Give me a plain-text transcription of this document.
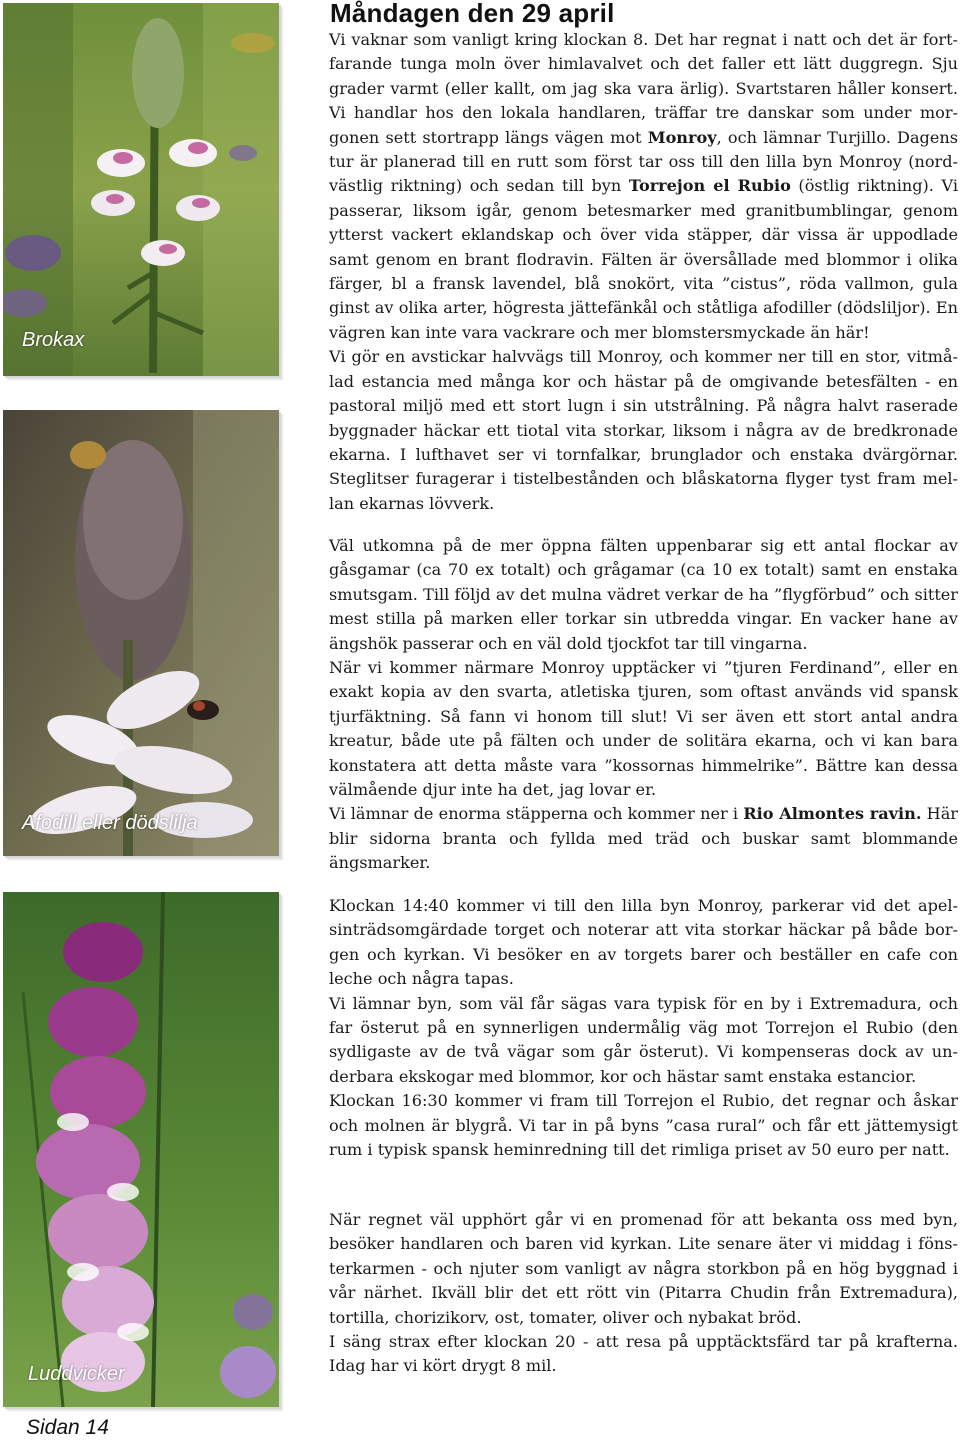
Brokax
Afodill eller dödslilja
Luddvicker
Sidan 14
Måndagen den 29 april

Vi vaknar som vanligt kring klockan 8. Det har regnat i natt och det är fortfarande tunga moln över himlavalvet och det faller ett lätt duggregn. Sju grader varmt (eller kallt, om jag ska vara ärlig). Svartstaren håller konsert. Vi handlar hos den lokala handlaren, träffar tre danskar som under morgonen sett stortrapp längs vägen mot Monroy, och lämnar Turjillo. Dagens tur är planerad till en rutt som först tar oss till den lilla byn Monroy (nordvästlig riktning) och sedan till byn Torrejon el Rubio (östlig riktning). Vi passerar, liksom igår, genom betesmarker med granitbumblingar, genom ytterst vackert eklandskap och över vida stäpper, där vissa är uppodlade samt genom en brant flodravin. Fälten är översållade med blommor i olika färger, bl a fransk lavendel, blå snokört, vita ”cistus”, röda vallmon, gula ginst av olika arter, högresta jättefänkål och ståtliga afodiller (dödsliljor). En vägren kan inte vara vackrare och mer blomstersmyckade än här!

Vi gör en avstickar halvvägs till Monroy, och kommer ner till en stor, vitmålad estancia med många kor och hästar på de omgivande betesfälten - en pastoral miljö med ett stort lugn i sin utstrålning. På några halvt raserade byggnader häckar ett tiotal vita storkar, liksom i några av de bredkronade ekarna. I lufthavet ser vi tornfalkar, brunglador och enstaka dvärgörnar. Steglitser furagerar i tistelbestånden och blåskatorna flyger tyst fram mellan ekarnas lövverk.

Väl utkomna på de mer öppna fälten uppenbarar sig ett antal flockar av gåsgamar (ca 70 ex totalt) och grågamar (ca 10 ex totalt) samt en enstaka smutsgam. Till följd av det mulna vädret verkar de ha ”flygförbud” och sitter mest stilla på marken eller torkar sin utbredda vingar. En vacker hane av ängshök passerar och en väl dold tjockfot tar till vingarna.

När vi kommer närmare Monroy upptäcker vi ”tjuren Ferdinand”, eller en exakt kopia av den svarta, atletiska tjuren, som oftast används vid spansk tjurfäktning. Så fann vi honom till slut! Vi ser även ett stort antal andra kreatur, både ute på fälten och under de solitära ekarna, och vi kan bara konstatera att detta måste vara ”kossornas himmelrike”. Bättre kan dessa välmående djur inte ha det, jag lovar er.

Vi lämnar de enorma stäpperna och kommer ner i Rio Almontes ravin. Här blir sidorna branta och fyllda med träd och buskar samt blommande ängsmarker.

Klockan 14:40 kommer vi till den lilla byn Monroy, parkerar vid det apelsinträdsomgärdade torget och noterar att vita storkar häckar på både borgen och kyrkan. Vi besöker en av torgets barer och beställer en cafe con leche och några tapas.

Vi lämnar byn, som väl får sägas vara typisk för en by i Extremadura, och far österut på en synnerligen undermålig väg mot Torrejon el Rubio (den sydligaste av de två vägar som går österut). Vi kompenseras dock av underbara ekskogar med blommor, kor och hästar samt enstaka estancior.

Klockan 16:30 kommer vi fram till Torrejon el Rubio, det regnar och åskar och molnen är blygrå. Vi tar in på byns ”casa rural” och får ett jättemysigt rum i typisk spansk heminredning till det rimliga priset av 50 euro per natt.

När regnet väl upphört går vi en promenad för att bekanta oss med byn, besöker handlaren och baren vid kyrkan. Lite senare äter vi middag i fönsterkarmen - och njuter som vanligt av några storkbon på en hög byggnad i vår närhet. Ikväll blir det ett rött vin (Pitarra Chudin från Extremadura), tortilla, chorizikorv, ost, tomater, oliver och nybakat bröd.

I säng strax efter klockan 20 - att resa på upptäcktsfärd tar på krafterna. Idag har vi kört drygt 8 mil.
